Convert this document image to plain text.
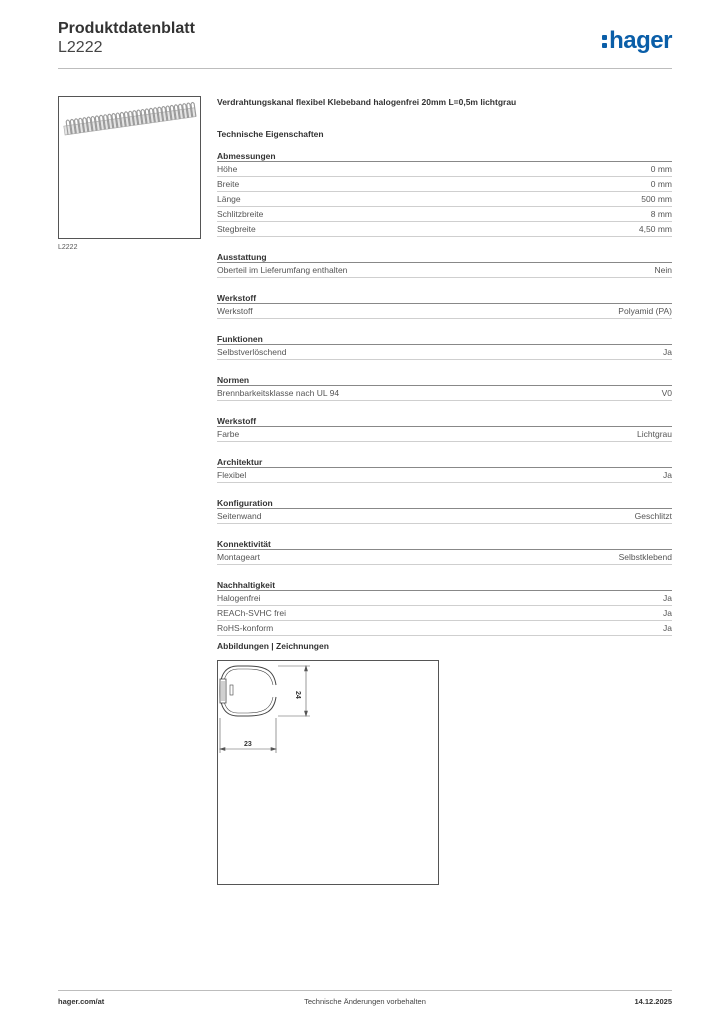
Produktdatenblatt
L2222	hager
L2222
Verdrahtungskanal flexibel Klebeband halogenfrei 20mm L=0,5m lichtgrau
Technische Eigenschaften
Abmessungen
Höhe	0 mm
Breite	0 mm
Länge	500 mm
Schlitzbreite	8 mm
Stegbreite	4,50 mm
Ausstattung
Oberteil im Lieferumfang enthalten	Nein
Werkstoff
Werkstoff	Polyamid (PA)
Funktionen
Selbstverlöschend	Ja
Normen
Brennbarkeitsklasse nach UL 94	V0
Werkstoff
Farbe	Lichtgrau
Architektur
Flexibel	Ja
Konfiguration
Seitenwand	Geschlitzt
Konnektivität
Montageart	Selbstklebend
Nachhaltigkeit
Halogenfrei	Ja
REACh-SVHC frei	Ja
RoHS-konform	Ja
Abbildungen | Zeichnungen
24
23
hager.com/at	Technische Änderungen vorbehalten	14.12.2025
